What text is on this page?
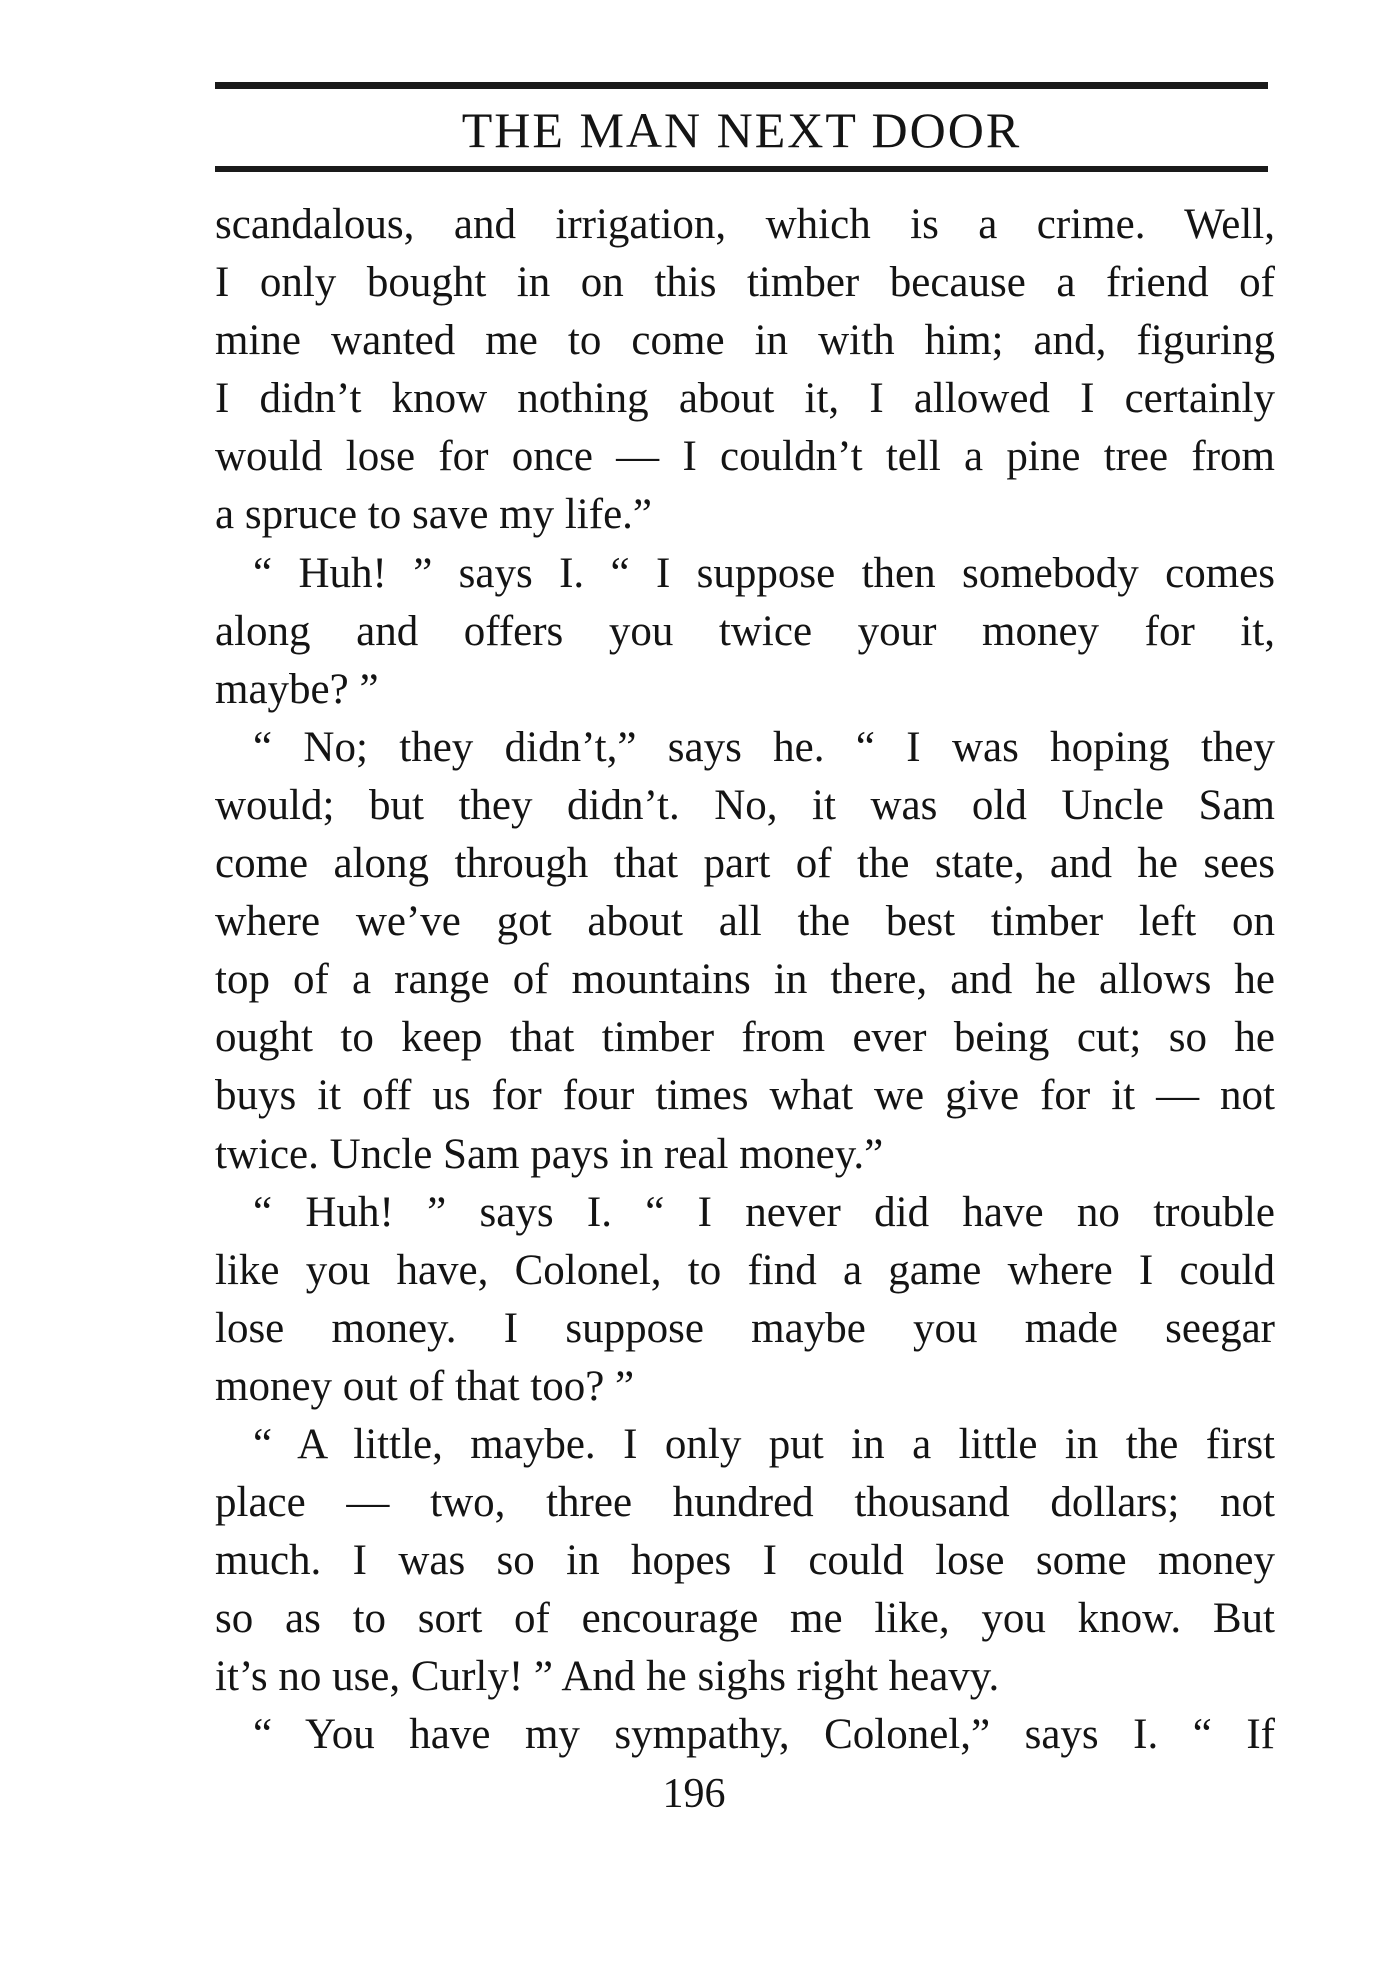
THE MAN NEXT DOOR
scandalous, and irrigation, which is a crime. Well,
I only bought in on this timber because a friend of
mine wanted me to come in with him; and, figuring
I didn’t know nothing about it, I allowed I certainly
would lose for once — I couldn’t tell a pine tree from
a spruce to save my life.”
“ Huh! ” says I. “ I suppose then somebody comes
along and offers you twice your money for it,
maybe? ”
“ No; they didn’t,” says he. “ I was hoping they
would; but they didn’t. No, it was old Uncle Sam
come along through that part of the state, and he sees
where we’ve got about all the best timber left on
top of a range of mountains in there, and he allows he
ought to keep that timber from ever being cut; so he
buys it off us for four times what we give for it — not
twice. Uncle Sam pays in real money.”
“ Huh! ” says I. “ I never did have no trouble
like you have, Colonel, to find a game where I could
lose money. I suppose maybe you made seegar
money out of that too? ”
“ A little, maybe. I only put in a little in the first
place — two, three hundred thousand dollars; not
much. I was so in hopes I could lose some money
so as to sort of encourage me like, you know. But
it’s no use, Curly! ” And he sighs right heavy.
“ You have my sympathy, Colonel,” says I. “ If
196
